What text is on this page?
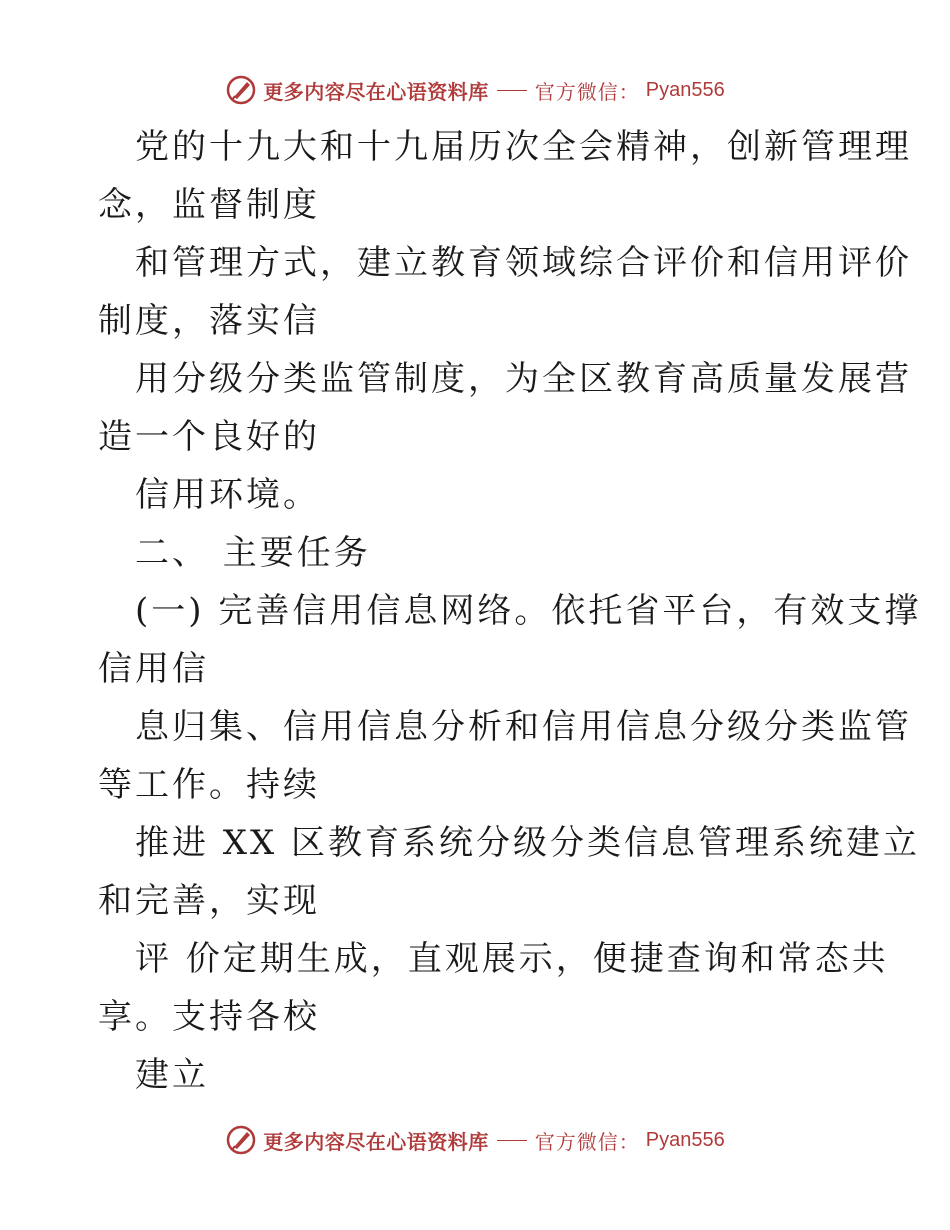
更多内容尽在心语资料库 官方微信： Pyan556
党的十九大和十九届历次全会精神，创新管理理
念，监督制度
和管理方式，建立教育领域综合评价和信用评价
制度，落实信
用分级分类监管制度，为全区教育高质量发展营
造一个良好的
信用环境。
二、 主要任务
(一) 完善信用信息网络。依托省平台，有效支撑
信用信
息归集、信用信息分析和信用信息分级分类监管
等工作。持续
推进 XX 区教育系统分级分类信息管理系统建立
和完善，实现
评 价定期生成，直观展示，便捷查询和常态共
享。支持各校
建立
更多内容尽在心语资料库 官方微信： Pyan556
